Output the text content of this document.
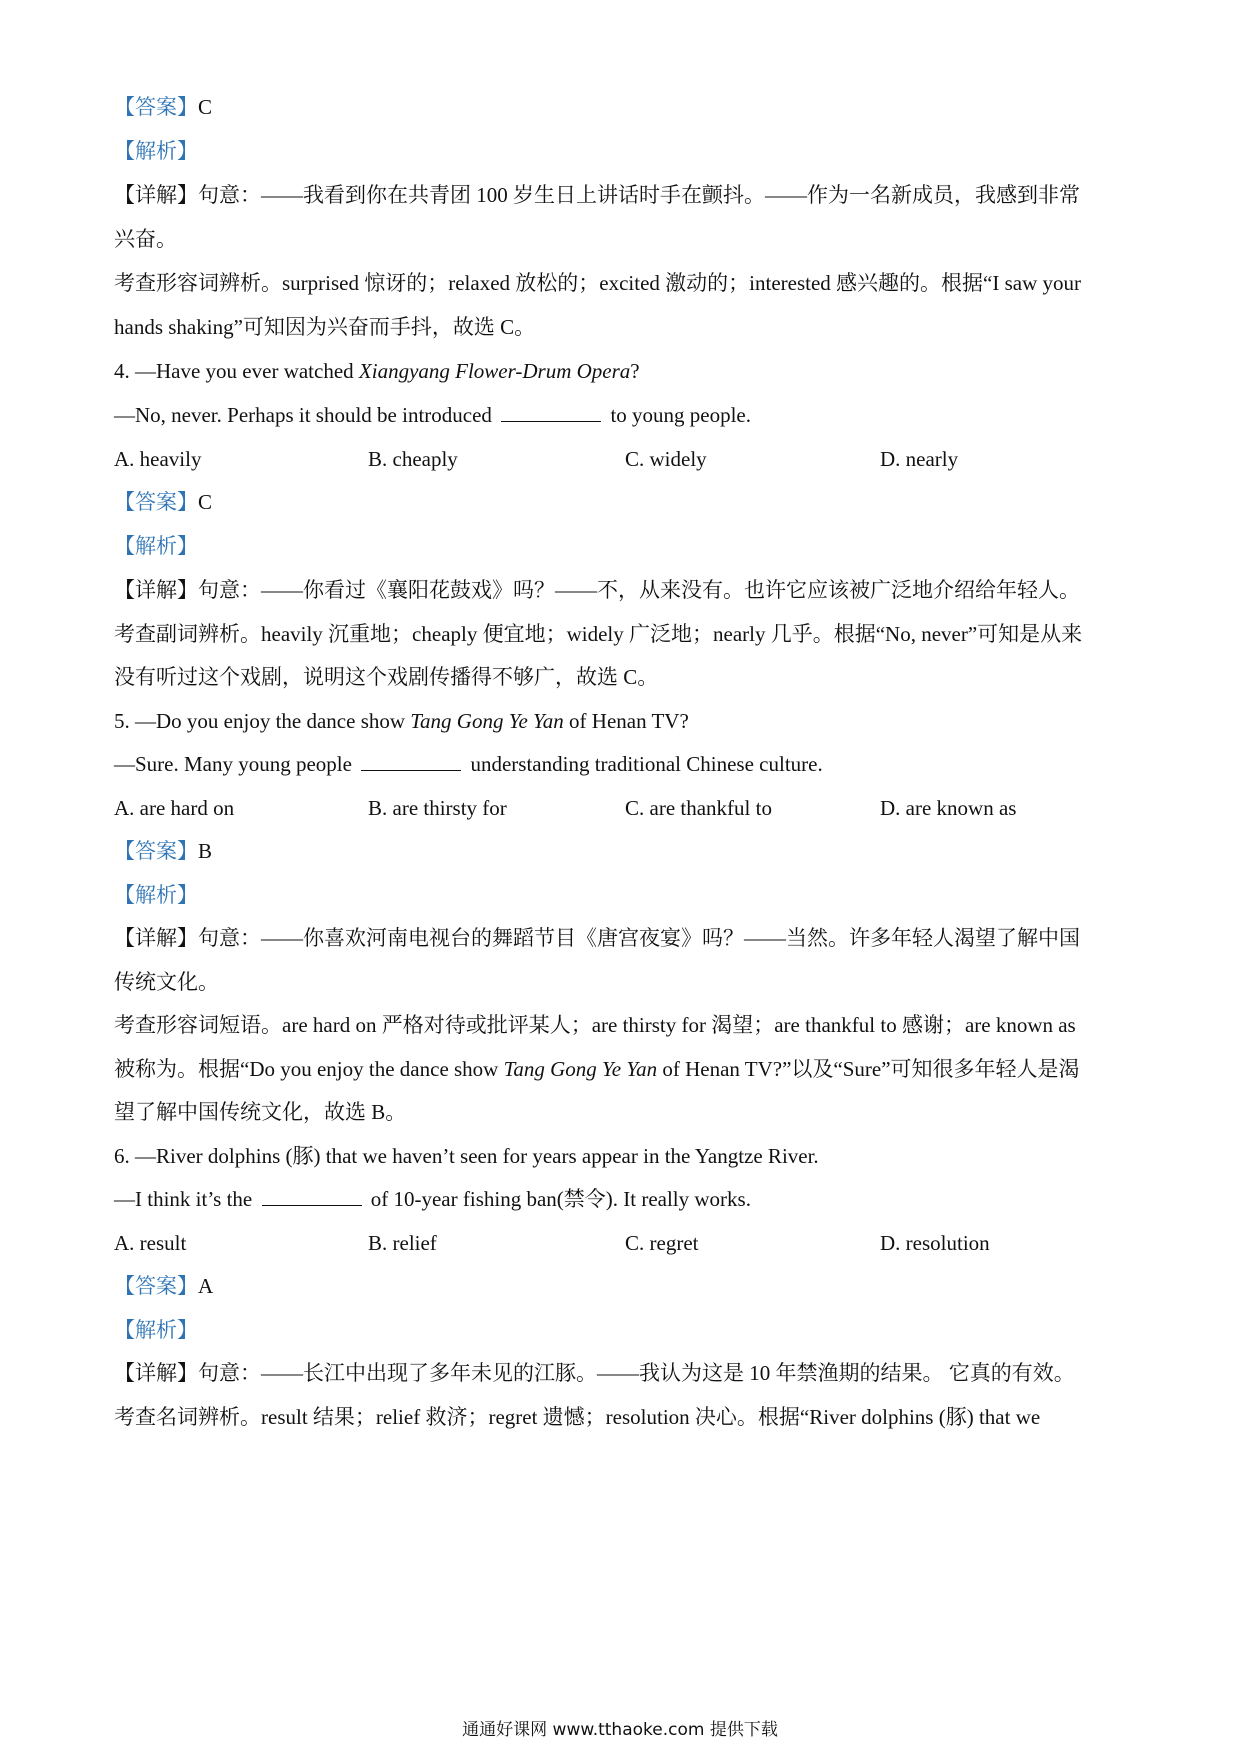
【答案】C
【解析】
【详解】句意：——我看到你在共青团 100 岁生日上讲话时手在颤抖。——作为一名新成员，我感到非常
兴奋。
考查形容词辨析。surprised 惊讶的；relaxed 放松的；excited 激动的；interested 感兴趣的。根据“I saw your
hands shaking”可知因为兴奋而手抖，故选 C。
4. —Have you ever watched Xiangyang Flower-Drum Opera?
—No, never. Perhaps it should be introduced	to young people.
A. heavily	B. cheaply	C. widely	D. nearly
【答案】C
【解析】
【详解】句意：——你看过《襄阳花鼓戏》吗？——不，从来没有。也许它应该被广泛地介绍给年轻人。
考查副词辨析。heavily 沉重地；cheaply 便宜地；widely 广泛地；nearly 几乎。根据“No, never”可知是从来
没有听过这个戏剧，说明这个戏剧传播得不够广，故选 C。
5. —Do you enjoy the dance show Tang Gong Ye Yan of Henan TV?
—Sure. Many young people	understanding traditional Chinese culture.
A. are hard on	B. are thirsty for	C. are thankful to	D. are known as
【答案】B
【解析】
【详解】句意：——你喜欢河南电视台的舞蹈节目《唐宫夜宴》吗？——当然。许多年轻人渴望了解中国
传统文化。
考查形容词短语。are hard on 严格对待或批评某人；are thirsty for 渴望；are thankful to 感谢；are known as
被称为。根据“Do you enjoy the dance show Tang Gong Ye Yan of Henan TV?”以及“Sure”可知很多年轻人是渴
望了解中国传统文化，故选 B。
6. —River dolphins (豚) that we haven’t seen for years appear in the Yangtze River.
—I think it’s the	of 10-year fishing ban(禁令). It really works.
A. result	B. relief	C. regret	D. resolution
【答案】A
【解析】
【详解】句意：——长江中出现了多年未见的江豚。——我认为这是 10 年禁渔期的结果。 它真的有效。
考查名词辨析。result 结果；relief 救济；regret 遗憾；resolution 决心。根据“River dolphins (豚) that we
通通好课网 www.tthaoke.com 提供下载
